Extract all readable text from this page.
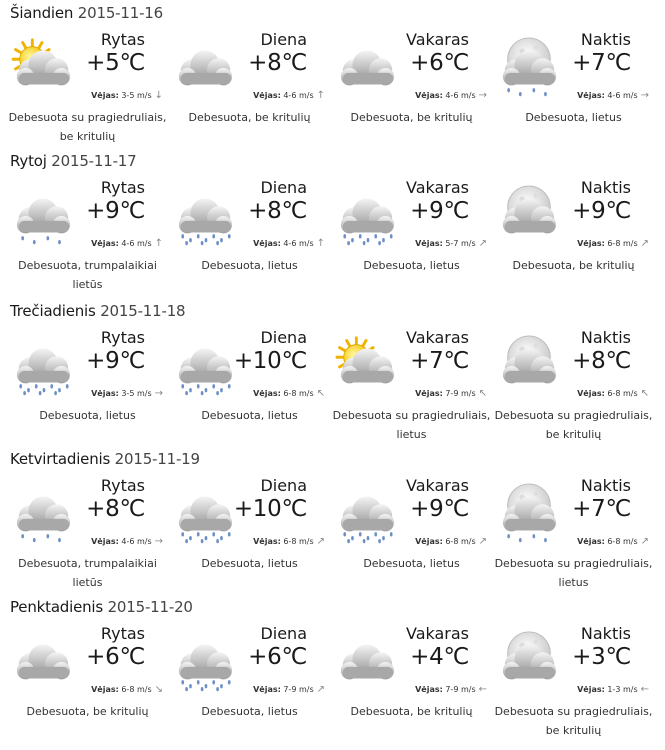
Šiandien 2015-11-16
Rytas
+5℃
Vėjas: 3-5 m/s ↓
Debesuota su pragiedruliais, be kritulių
Diena
+8℃
Vėjas: 4-6 m/s ↑
Debesuota, be kritulių
Vakaras
+6℃
Vėjas: 4-6 m/s →
Debesuota, be kritulių
Naktis
+7℃
Vėjas: 4-6 m/s →
Debesuota, lietus
Rytoj 2015-11-17
Rytas
+9℃
Vėjas: 4-6 m/s ↑
Debesuota, trumpalaikiai lietūs
Diena
+8℃
Vėjas: 4-6 m/s ↑
Debesuota, lietus
Vakaras
+9℃
Vėjas: 5-7 m/s ↗
Debesuota, lietus
Naktis
+9℃
Vėjas: 6-8 m/s ↗
Debesuota, be kritulių
Trečiadienis 2015-11-18
Rytas
+9℃
Vėjas: 3-5 m/s →
Debesuota, lietus
Diena
+10℃
Vėjas: 6-8 m/s ↖
Debesuota, lietus
Vakaras
+7℃
Vėjas: 7-9 m/s ↖
Debesuota su pragiedruliais, lietus
Naktis
+8℃
Vėjas: 6-8 m/s ↖
Debesuota su pragiedruliais, be kritulių
Ketvirtadienis 2015-11-19
Rytas
+8℃
Vėjas: 4-6 m/s →
Debesuota, trumpalaikiai lietūs
Diena
+10℃
Vėjas: 6-8 m/s ↗
Debesuota, lietus
Vakaras
+9℃
Vėjas: 6-8 m/s ↗
Debesuota, lietus
Naktis
+7℃
Vėjas: 6-8 m/s ↗
Debesuota su pragiedruliais, lietus
Penktadienis 2015-11-20
Rytas
+6℃
Vėjas: 6-8 m/s ↘
Debesuota, be kritulių
Diena
+6℃
Vėjas: 7-9 m/s ↗
Debesuota, lietus
Vakaras
+4℃
Vėjas: 7-9 m/s ←
Debesuota, be kritulių
Naktis
+3℃
Vėjas: 1-3 m/s ←
Debesuota su pragiedruliais, be kritulių
